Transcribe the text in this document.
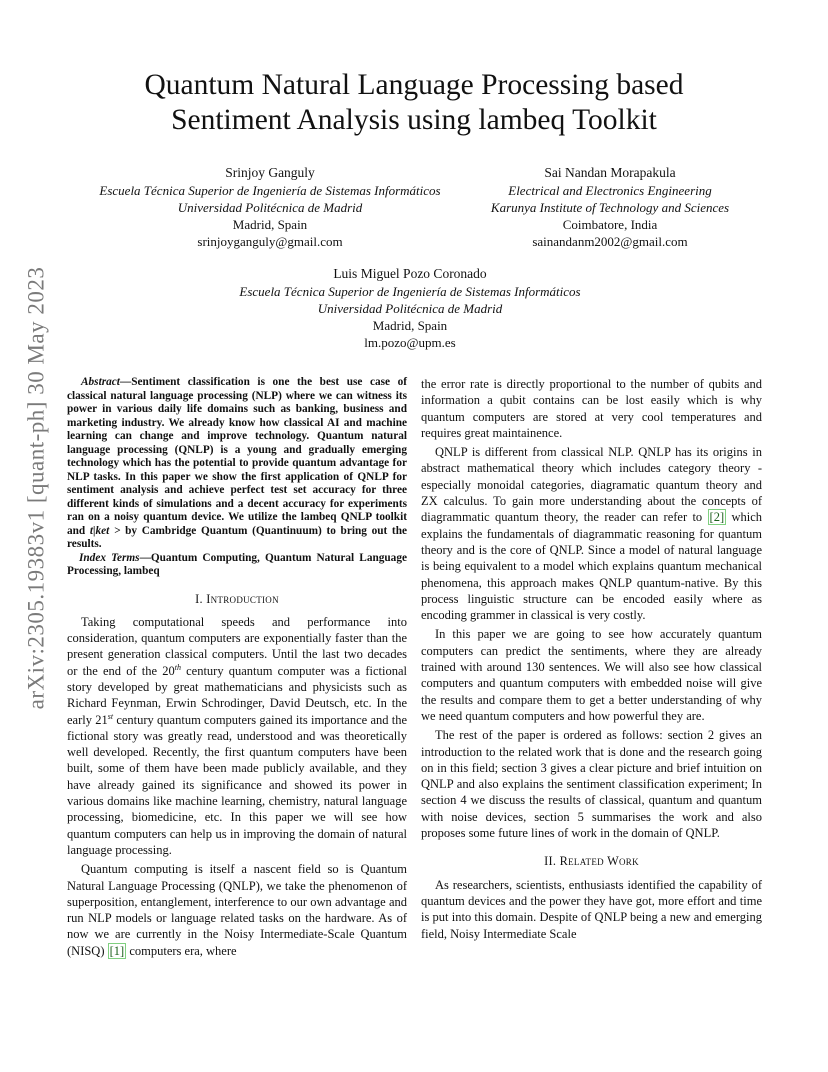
arXiv:2305.19383v1 [quant-ph] 30 May 2023
Quantum Natural Language Processing based
Sentiment Analysis using lambeq Toolkit
Srinjoy Ganguly
Escuela Técnica Superior de Ingeniería de Sistemas Informáticos
Universidad Politécnica de Madrid
Madrid, Spain
srinjoyganguly@gmail.com
Sai Nandan Morapakula
Electrical and Electronics Engineering
Karunya Institute of Technology and Sciences
Coimbatore, India
sainandanm2002@gmail.com
Luis Miguel Pozo Coronado
Escuela Técnica Superior de Ingeniería de Sistemas Informáticos
Universidad Politécnica de Madrid
Madrid, Spain
lm.pozo@upm.es

Abstract—Sentiment classification is one the best use case of classical natural language processing (NLP) where we can witness its power in various daily life domains such as banking, business and marketing industry. We already know how classical AI and machine learning can change and improve technology. Quantum natural language processing (QNLP) is a young and gradually emerging technology which has the potential to provide quantum advantage for NLP tasks. In this paper we show the first application of QNLP for sentiment analysis and achieve perfect test set accuracy for three different kinds of simulations and a decent accuracy for experiments ran on a noisy quantum device. We utilize the lambeq QNLP toolkit and t|ket > by Cambridge Quantum (Quantinuum) to bring out the results.

Index Terms—Quantum Computing, Quantum Natural Language Processing, lambeq

I. Introduction

Taking computational speeds and performance into consideration, quantum computers are exponentially faster than the present generation classical computers. Until the last two decades or the end of the 20th century quantum computer was a fictional story developed by great mathematicians and physicists such as Richard Feynman, Erwin Schrodinger, David Deutsch, etc. In the early 21st century quantum computers gained its importance and the fictional story was greatly read, understood and was theoretically well developed. Recently, the first quantum computers have been built, some of them have been made publicly available, and they have already gained its significance and showed its power in various domains like machine learning, chemistry, natural language processing, biomedicine, etc. In this paper we will see how quantum computers can help us in improving the domain of natural language processing.

Quantum computing is itself a nascent field so is Quantum Natural Language Processing (QNLP), we take the phenomenon of superposition, entanglement, interference to our own advantage and run NLP models or language related tasks on the hardware. As of now we are currently in the Noisy Intermediate-Scale Quantum (NISQ) [1] computers era, where

the error rate is directly proportional to the number of qubits and information a qubit contains can be lost easily which is why quantum computers are stored at very cool temperatures and requires great maintainence.

QNLP is different from classical NLP. QNLP has its origins in abstract mathematical theory which includes category theory - especially monoidal categories, diagramatic quantum theory and ZX calculus. To gain more understanding about the concepts of diagrammatic quantum theory, the reader can refer to [2] which explains the fundamentals of diagrammatic reasoning for quantum theory and is the core of QNLP. Since a model of natural language is being equivalent to a model which explains quantum mechanical phenomena, this approach makes QNLP quantum-native. By this process linguistic structure can be encoded easily where as encoding grammer in classical is very costly.

In this paper we are going to see how accurately quantum computers can predict the sentiments, where they are already trained with around 130 sentences. We will also see how classical computers and quantum computers with embedded noise will give the results and compare them to get a better understanding of why we need quantum computers and how powerful they are.

The rest of the paper is ordered as follows: section 2 gives an introduction to the related work that is done and the research going on in this field; section 3 gives a clear picture and brief intuition on QNLP and also explains the sentiment classification experiment; In section 4 we discuss the results of classical, quantum and quantum with noise devices, section 5 summarises the work and also proposes some future lines of work in the domain of QNLP.

II. Related Work

As researchers, scientists, enthusiasts identified the capability of quantum devices and the power they have got, more effort and time is put into this domain. Despite of QNLP being a new and emerging field, Noisy Intermediate Scale
